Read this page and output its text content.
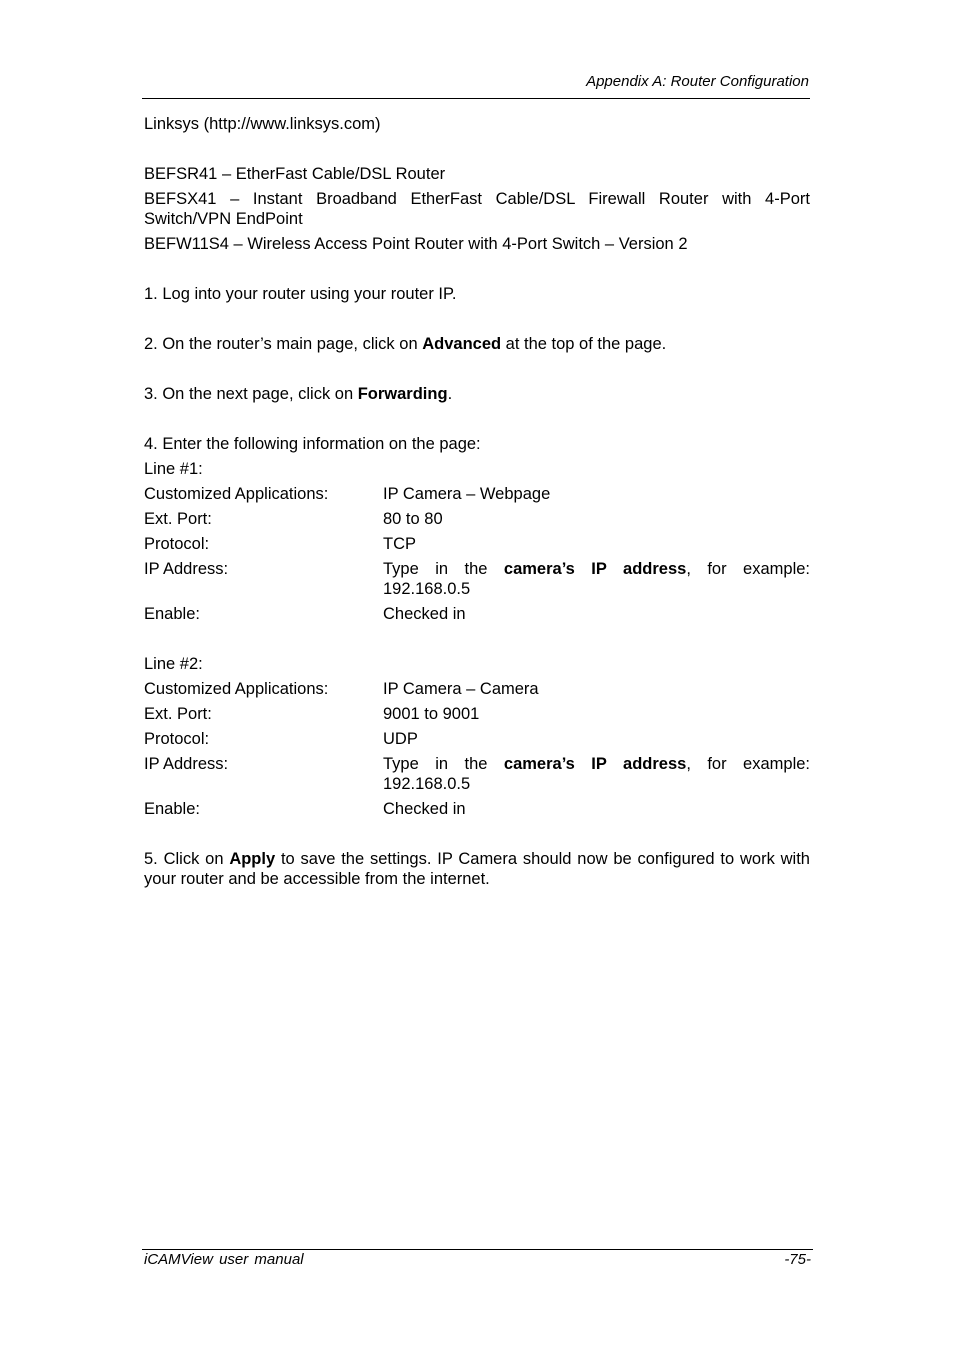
Appendix A: Router Configuration

Linksys (http://www.linksys.com)

BEFSR41 – EtherFast Cable/DSL Router

BEFSX41 – Instant Broadband EtherFast Cable/DSL Firewall Router with 4-Port Switch/VPN EndPoint

BEFW11S4 – Wireless Access Point Router with 4-Port Switch – Version 2

1. Log into your router using your router IP.

2. On the router’s main page, click on Advanced at the top of the page.

3. On the next page, click on Forwarding.

4. Enter the following information on the page:

Line #1:

Customized Applications:	IP Camera – Webpage
Ext. Port:	80 to 80
Protocol:	TCP
IP Address:	Type in the camera’s IP address, for example: 192.168.0.5
Enable:	Checked in

Line #2:

Customized Applications:	IP Camera – Camera
Ext. Port:	9001 to 9001
Protocol:	UDP
IP Address:	Type in the camera’s IP address, for example: 192.168.0.5
Enable:	Checked in

5. Click on Apply to save the settings. IP Camera should now be configured to work with your router and be accessible from the internet.

iCAMView user manual	-75-
